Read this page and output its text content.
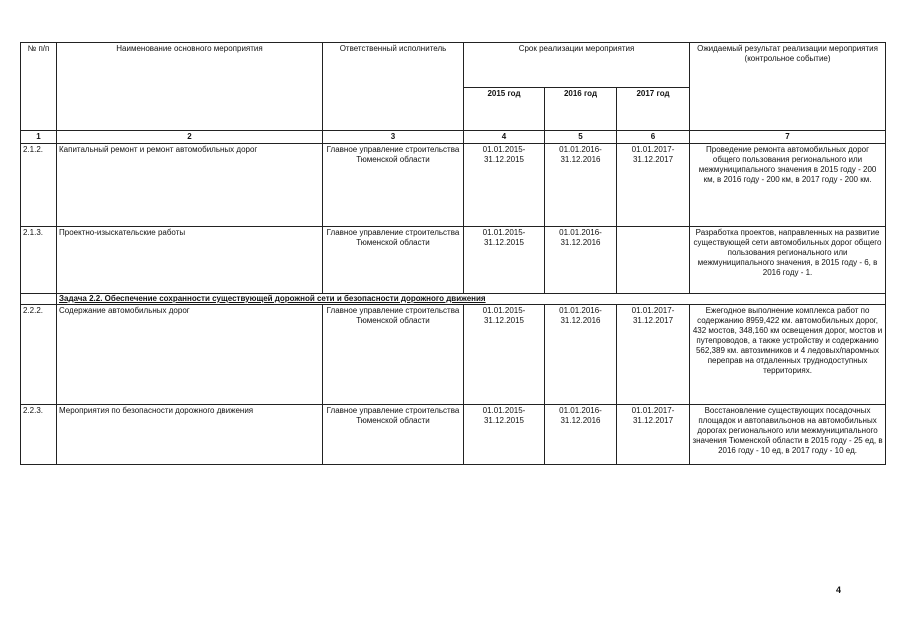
№ п/п	Наименование основного мероприятия	Ответственный исполнитель	Срок реализации мероприятия			Ожидаемый результат реализации мероприятия (контрольное событие)
			2015 год	2016 год	2017 год	
1	2	3	4	5	6	7
2.1.2.	Капитальный ремонт и ремонт автомобильных дорог	Главное управление строительства Тюменской области	01.01.2015-31.12.2015	01.01.2016-31.12.2016	01.01.2017-31.12.2017	Проведение ремонта автомобильных дорог общего пользования регионального или межмуниципального значения в 2015 году - 200 км, в 2016 году - 200 км, в 2017 году - 200 км.
2.1.3.	Проектно-изыскательские работы	Главное управление строительства Тюменской области	01.01.2015-31.12.2015	01.01.2016-31.12.2016		Разработка проектов, направленных на развитие существующей сети автомобильных дорог общего пользования регионального или межмуниципального значения, в 2015 году - 6, в 2016 году - 1.
	Задача 2.2. Обеспечение сохранности существующей дорожной сети и безопасности дорожного движения					
2.2.2.	Содержание автомобильных дорог	Главное управление строительства Тюменской области	01.01.2015-31.12.2015	01.01.2016-31.12.2016	01.01.2017-31.12.2017	Ежегодное выполнение комплекса работ по содержанию 8959,422 км. автомобильных дорог, 432 мостов, 348,160 км освещения дорог, мостов и путепроводов, а также устройству и содержанию 562,389 км. автозимников и 4 ледовых/паромных переправ на отдаленных труднодоступных территориях.
2.2.3.	Мероприятия по безопасности дорожного движения	Главное управление строительства Тюменской области	01.01.2015-31.12.2015	01.01.2016-31.12.2016	01.01.2017-31.12.2017	Восстановление существующих посадочных площадок и автопавильонов на автомобильных дорогах регионального или межмуниципального значения Тюменской области в 2015 году - 25 ед, в 2016 году - 10 ед, в 2017 году - 10 ед.
4
